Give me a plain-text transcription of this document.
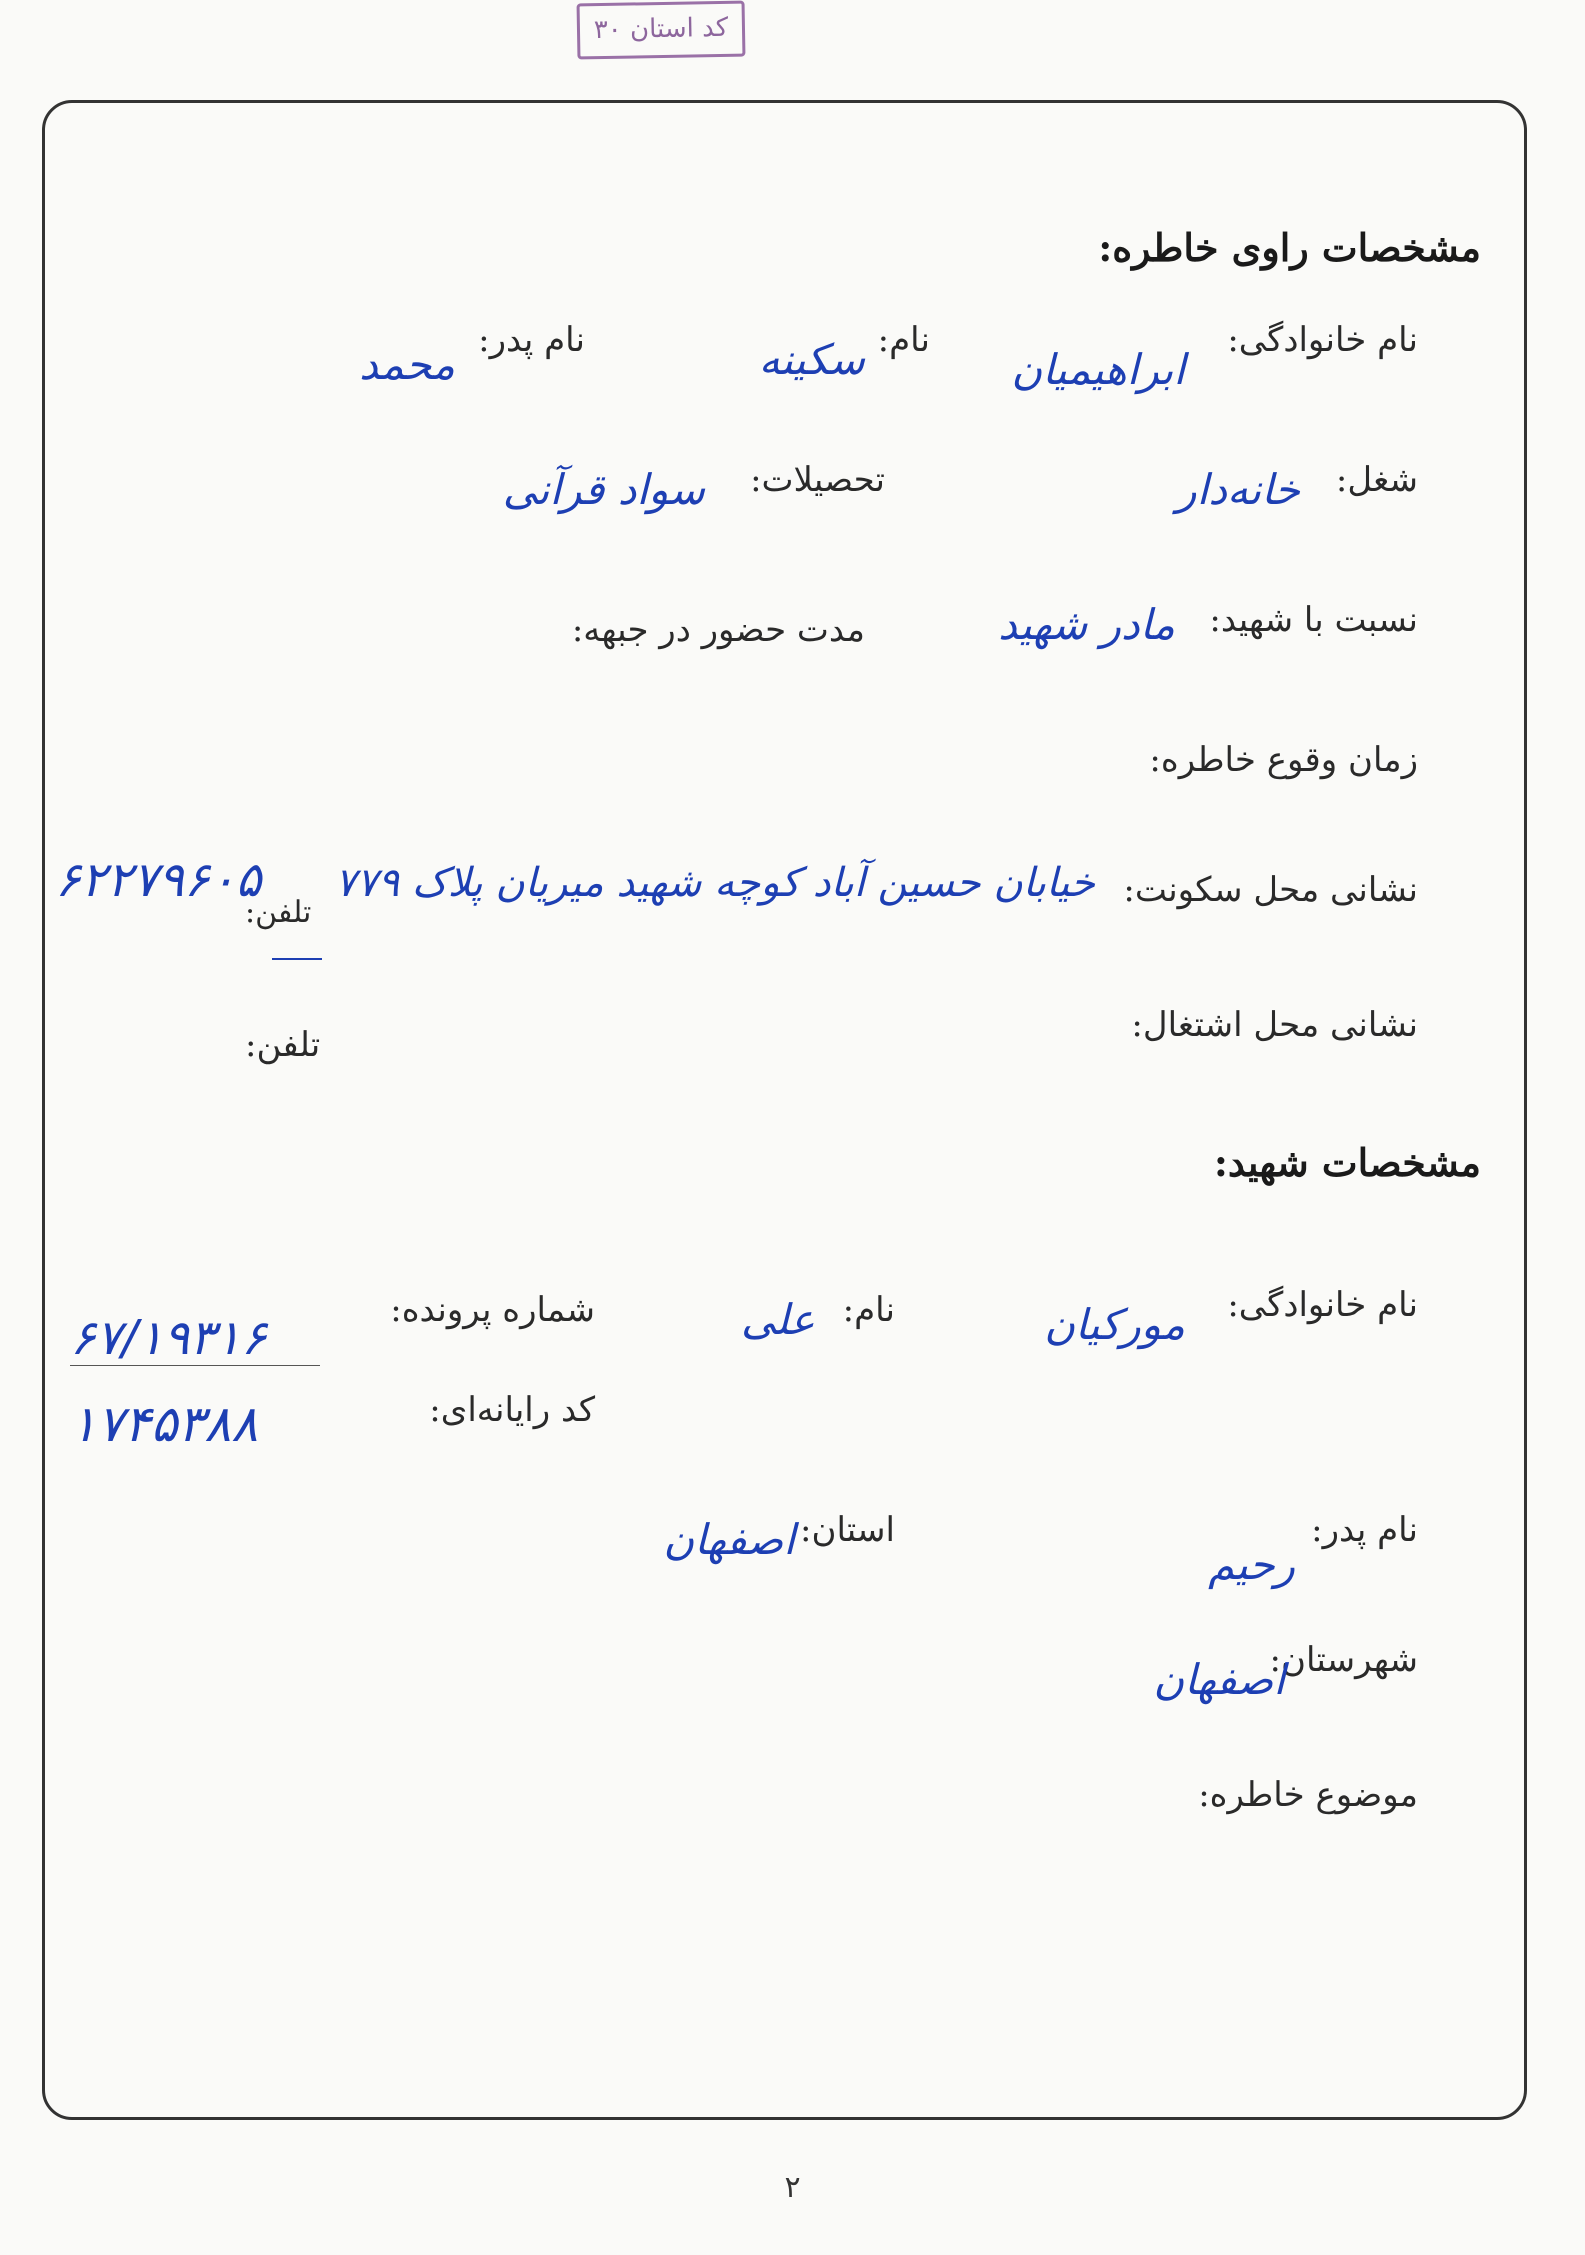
کد استان ۳۰
مشخصات راوی خاطره:
نام خانوادگی:
ابراهیمیان
نام:
سکینه
نام پدر:
محمد
شغل:
خانه‌دار
تحصیلات:
سواد قرآنی
نسبت با شهید:
مادر شهید
مدت حضور در جبهه:
زمان وقوع خاطره:
نشانی محل سکونت:
خیابان حسین آباد کوچه شهید میریان پلاک ۷۷۹
تلفن:
۶۲۲۷۹۶۰۵
نشانی محل اشتغال:
تلفن:
مشخصات شهید:
نام خانوادگی:
مورکیان
نام:
علی
شماره پرونده:
۶۷/۱۹۳۱۶
کد رایانه‌ای:
۱۷۴۵۳۸۸
نام پدر:
رحیم
استان:
اصفهان
شهرستان:
اصفهان
موضوع خاطره:
۲
